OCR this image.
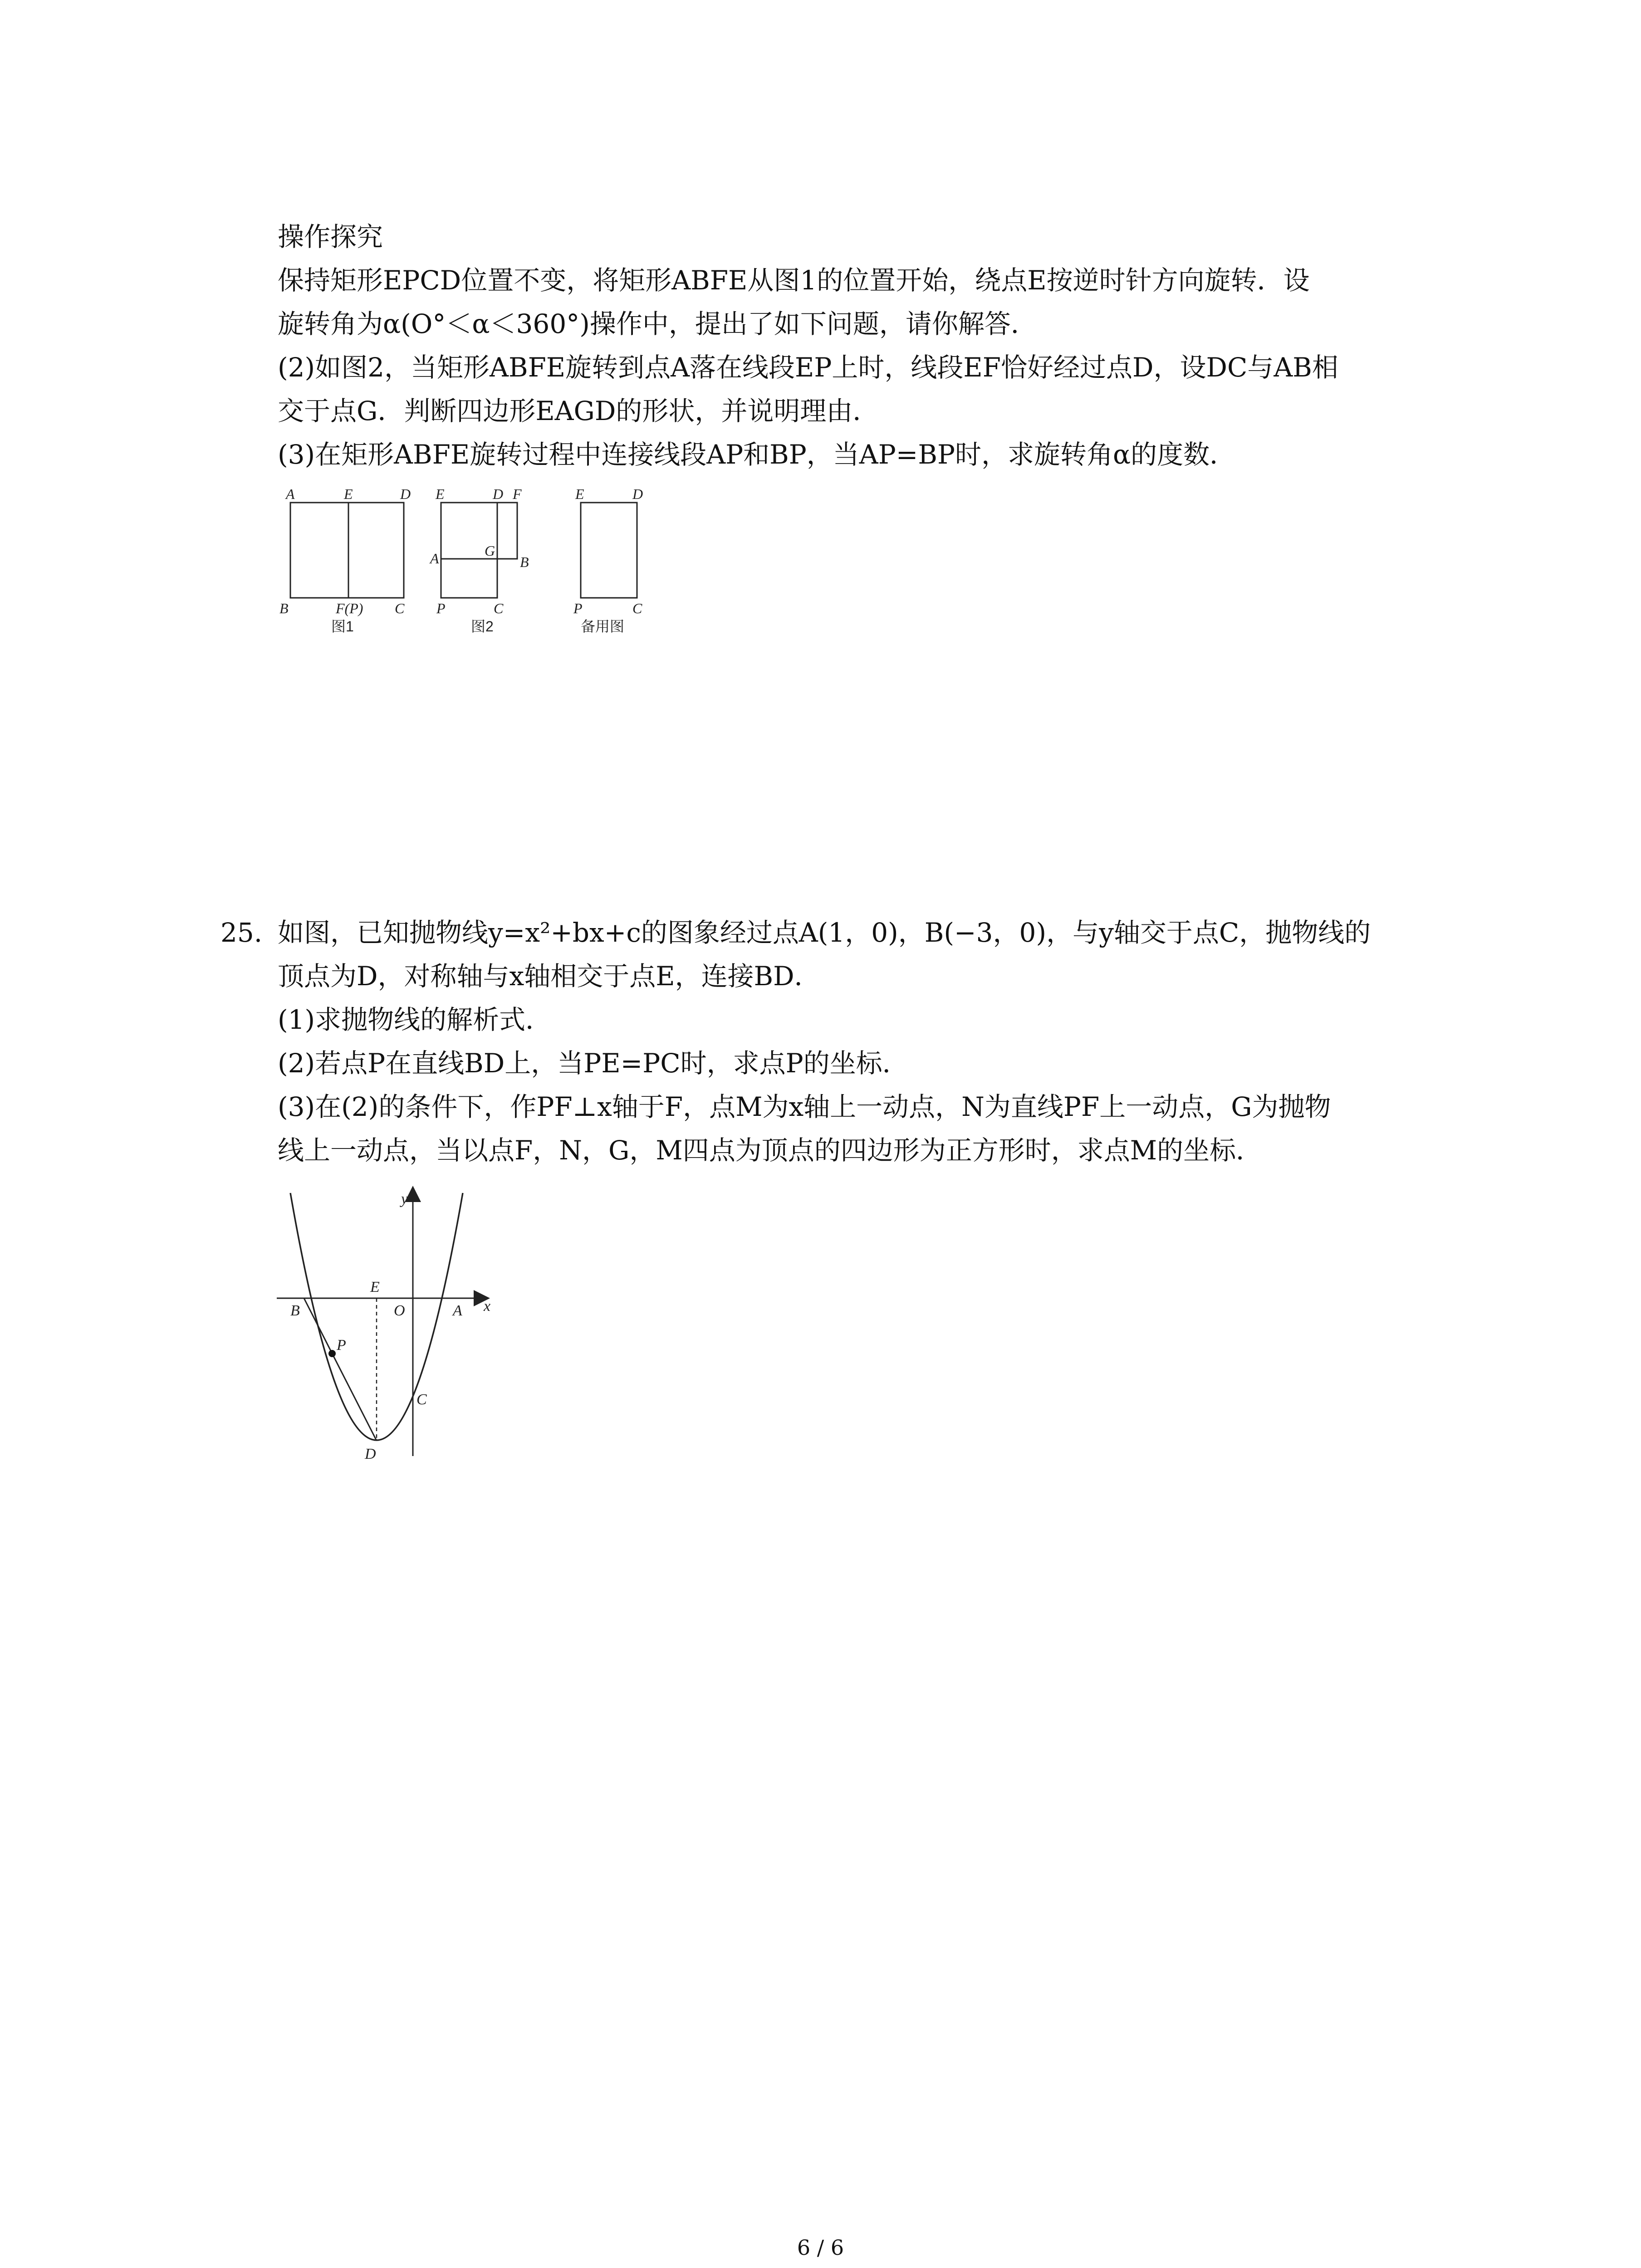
操作探究
保持矩形EPCD位置不变，将矩形ABFE从图1的位置开始，绕点E按逆时针方向旋转．设
旋转角为α(O°＜α＜360°)操作中，提出了如下问题，请你解答．
(2)如图2，当矩形ABFE旋转到点A落在线段EP上时，线段EF恰好经过点D，设DC与AB相
交于点G．判断四边形EAGD的形状，并说明理由．
(3)在矩形ABFE旋转过程中连接线段AP和BP，当AP=BP时，求旋转角α的度数．
A	E	D
B	F(P) C
图1
E	D F
A	G
B
P	C
图2
E	D
P	C
备用图
25. 如图，已知抛物线y=x²+bx+c的图象经过点A(1，0)，B(−3，0)，与y轴交于点C，抛物线的
顶点为D，对称轴与x轴相交于点E，连接BD．
(1)求抛物线的解析式．
(2)若点P在直线BD上，当PE=PC时，求点P的坐标．
(3)在(2)的条件下，作PF⊥x轴于F，点M为x轴上一动点，N为直线PF上一动点，G为抛物
线上一动点，当以点F，N，G，M四点为顶点的四边形为正方形时，求点M的坐标．
y
x
B
E
O	A
P
C
D
6 / 6
